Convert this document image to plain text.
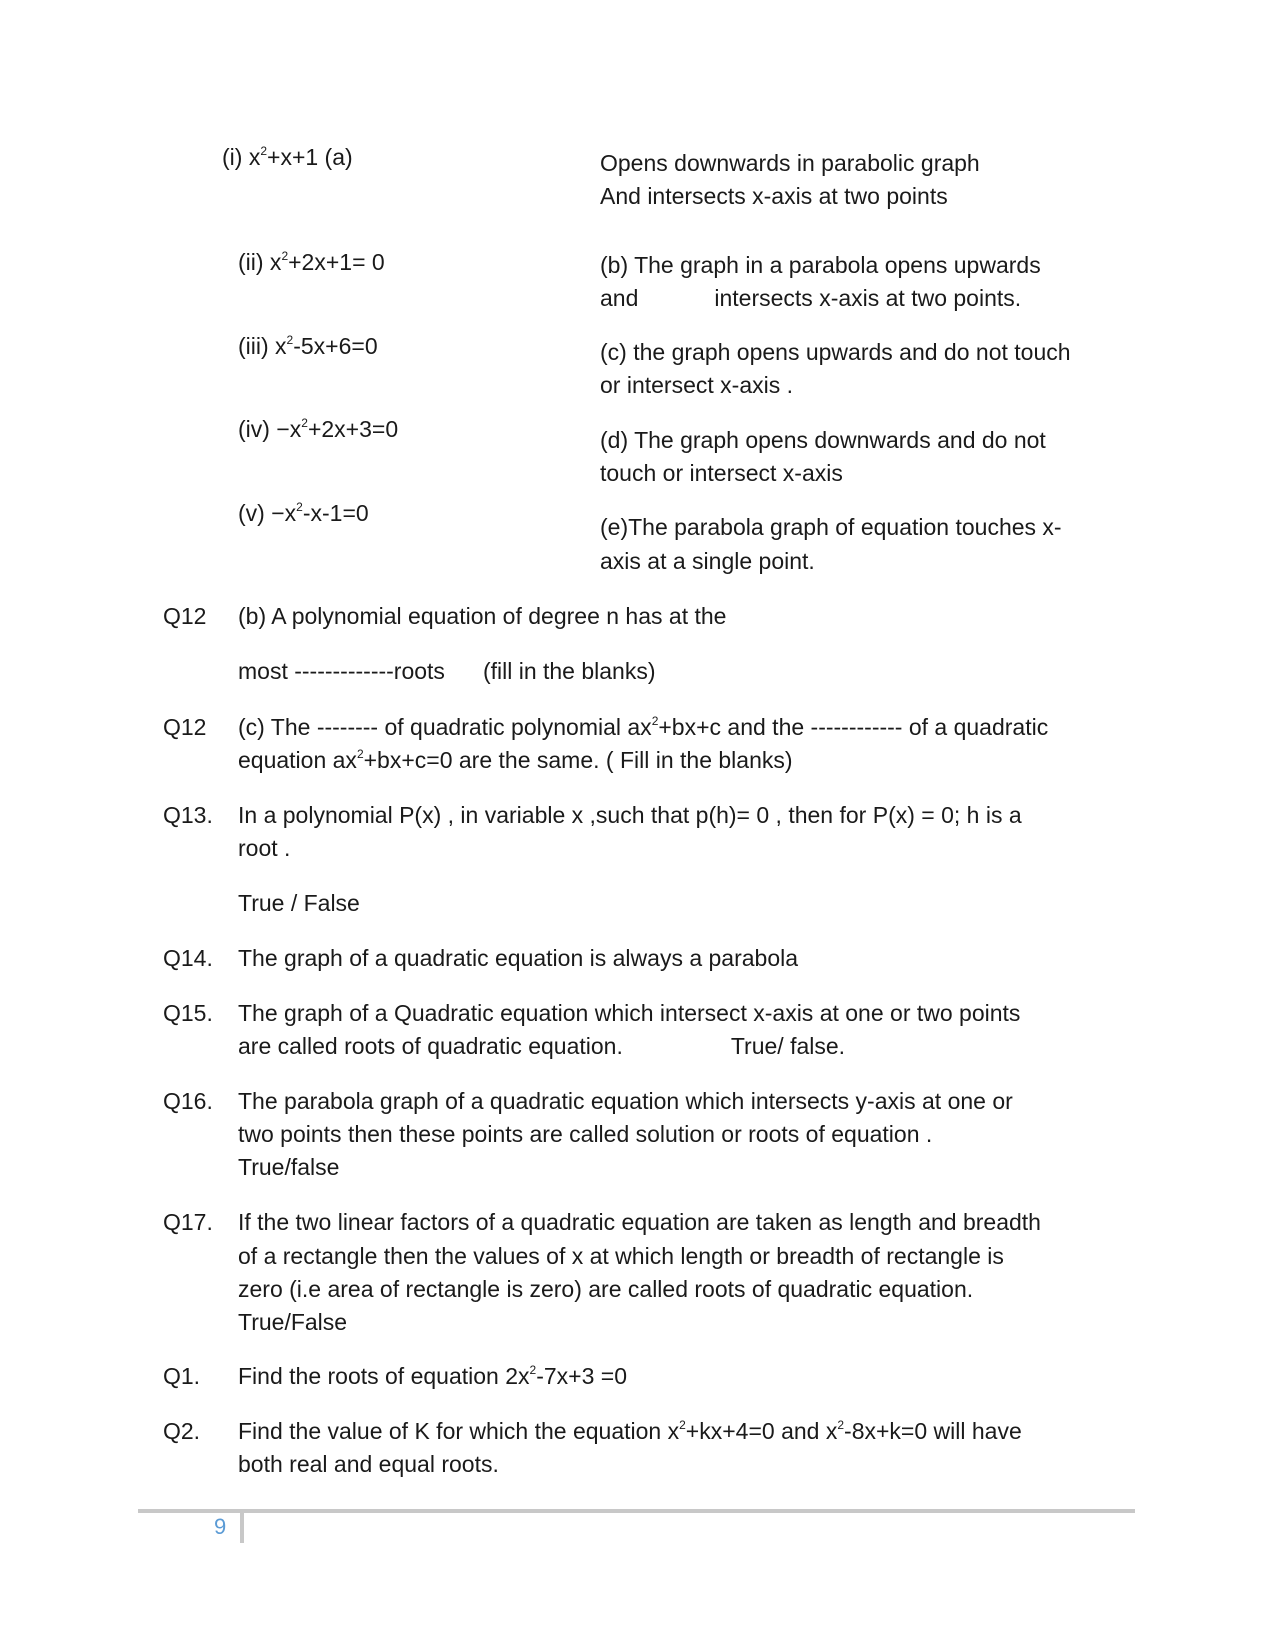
(i) $x^2+x+1$ (a)
(ii) $x^2+2x+1= 0$
(iii) $x^2-5x+6=0$
$(iv) -x^2+2x+3=0$
$(v) -x^2-x-1=0$
Opens downwards in parabolic graph
And intersects x-axis at two points
(b) The graph in a parabola opens upwards
and	intersects x-axis at two points.
(c) the graph opens upwards and do not touch
or intersect x-axis .
(d) The graph opens downwards and do not
touch or intersect x-axis
(e)The parabola graph of equation touches x-
axis at a single point.
Q12 (b) A polynomial equation of degree n has at the
most -------------roots (fill in the blanks)
Q12 (c) The -------- of quadratic polynomial $ax^2+bx+c$ and the ------------ of a quadratic
equation $ax^2+bx+c=0$ are the same. ( Fill in the blanks)
Q13. In a polynomial P(x) , in variable x ,such that p(h)= 0 , then for P(x) = 0; h is a
root .
True / False
Q14. The graph of a quadratic equation is always a parabola
Q15. The graph of a Quadratic equation which intersect x-axis at one or two points
are called roots of quadratic equation.	True/ false.
Q16. The parabola graph of a quadratic equation which intersects y-axis at one or
two points then these points are called solution or roots of equation .
True/false
Q17. If the two linear factors of a quadratic equation are taken as length and breadth
of a rectangle then the values of x at which length or breadth of rectangle is
zero (i.e area of rectangle is zero) are called roots of quadratic equation.
True/False
Q1. Find the roots of equation $2x^2-7x+3 =0$
Q2. Find the value of K for which the equation $x^2+kx+4=0$ and $x^2-8x+k=0$ will have
both real and equal roots.
9
